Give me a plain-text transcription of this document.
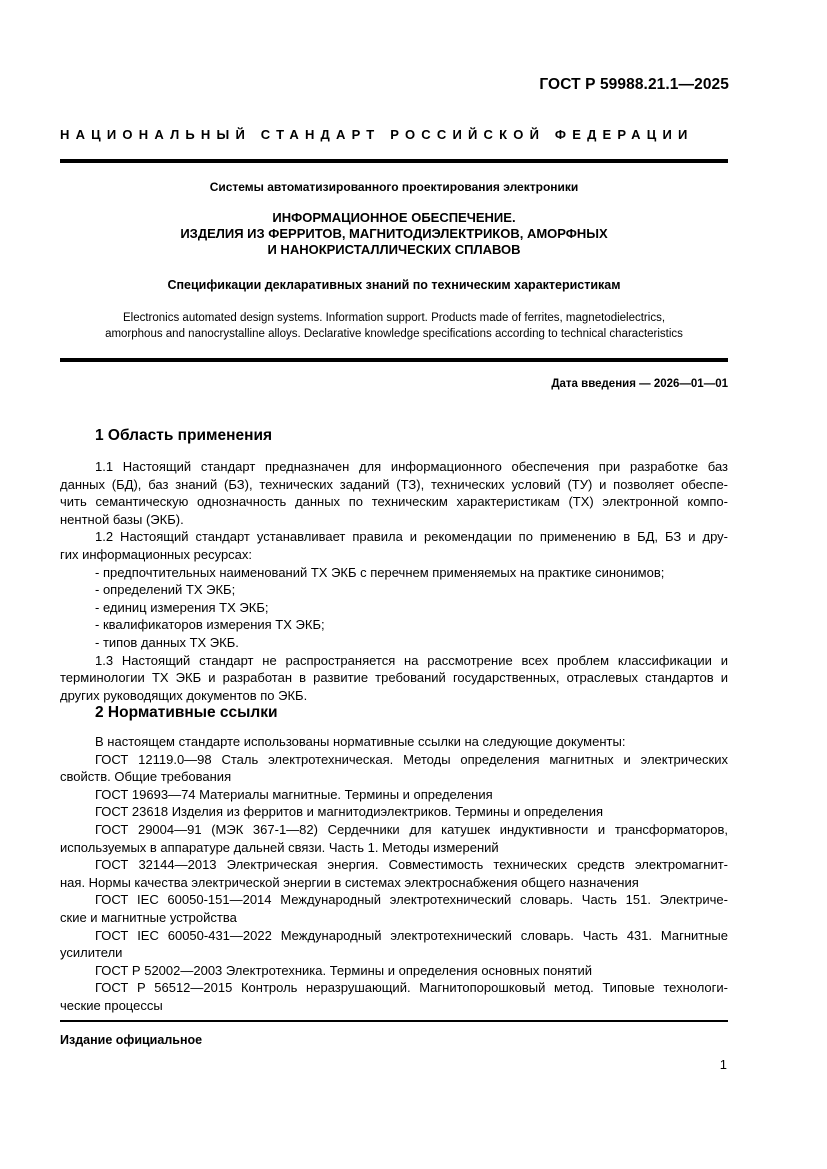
ГОСТ Р 59988.21.1—2025
НАЦИОНАЛЬНЫЙ СТАНДАРТ РОССИЙСКОЙ ФЕДЕРАЦИИ
Системы автоматизированного проектирования электроники
ИНФОРМАЦИОННОЕ ОБЕСПЕЧЕНИЕ.
ИЗДЕЛИЯ ИЗ ФЕРРИТОВ, МАГНИТОДИЭЛЕКТРИКОВ, АМОРФНЫХ
И НАНОКРИСТАЛЛИЧЕСКИХ СПЛАВОВ
Спецификации декларативных знаний по техническим характеристикам
Electronics automated design systems. Information support. Products made of ferrites, magnetodielectrics,
amorphous and nanocrystalline alloys. Declarative knowledge specifications according to technical characteristics
Дата введения — 2026—01—01
1 Область применения
1.1 Настоящий стандарт предназначен для информационного обеспечения при разработке баз
данных (БД), баз знаний (БЗ), технических заданий (ТЗ), технических условий (ТУ) и позволяет обеспе-
чить семантическую однозначность данных по техническим характеристикам (ТХ) электронной компо-
нентной базы (ЭКБ).
1.2 Настоящий стандарт устанавливает правила и рекомендации по применению в БД, БЗ и дру-
гих информационных ресурсах:
- предпочтительных наименований ТХ ЭКБ с перечнем применяемых на практике синонимов;
- определений ТХ ЭКБ;
- единиц измерения ТХ ЭКБ;
- квалификаторов измерения ТХ ЭКБ;
- типов данных ТХ ЭКБ.
1.3 Настоящий стандарт не распространяется на рассмотрение всех проблем классификации и
терминологии ТХ ЭКБ и разработан в развитие требований государственных, отраслевых стандартов и
других руководящих документов по ЭКБ.
2 Нормативные ссылки
В настоящем стандарте использованы нормативные ссылки на следующие документы:
ГОСТ 12119.0—98 Сталь электротехническая. Методы определения магнитных и электрических
свойств. Общие требования
ГОСТ 19693—74 Материалы магнитные. Термины и определения
ГОСТ 23618 Изделия из ферритов и магнитодиэлектриков. Термины и определения
ГОСТ 29004—91 (МЭК 367-1—82) Сердечники для катушек индуктивности и трансформаторов,
используемых в аппаратуре дальней связи. Часть 1. Методы измерений
ГОСТ 32144—2013 Электрическая энергия. Совместимость технических средств электромагнит-
ная. Нормы качества электрической энергии в системах электроснабжения общего назначения
ГОСТ IEC 60050-151—2014 Международный электротехнический словарь. Часть 151. Электриче-
ские и магнитные устройства
ГОСТ IEC 60050-431—2022 Международный электротехнический словарь. Часть 431. Магнитные
усилители
ГОСТ Р 52002—2003 Электротехника. Термины и определения основных понятий
ГОСТ Р 56512—2015 Контроль неразрушающий. Магнитопорошковый метод. Типовые технологи-
ческие процессы
Издание официальное
1
